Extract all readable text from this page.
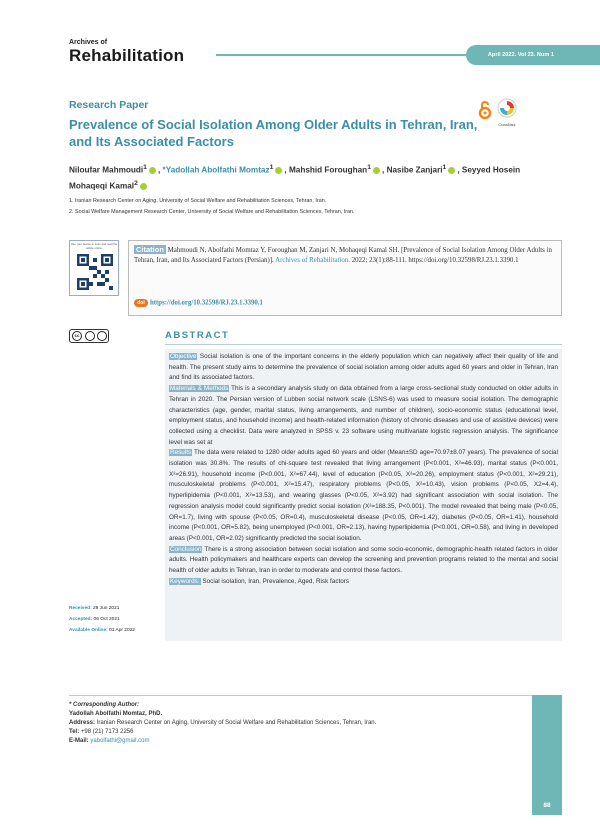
Archives of
Rehabilitation	April 2022. Vol 23. Num 1
Research Paper
Prevalence of Social Isolation Among Older Adults in Tehran, Iran, and Its Associated Factors
CrossMark
Niloufar Mahmoudi$^1$ , *Yadollah Abolfathi Momtaz$^1$ , Mahshid Foroughan$^1$ , Nasibe Zanjari$^1$ , Seyyed Hosein Mohaqeqi Kamal$^2$
1. Iranian Research Center on Aging, University of Social Welfare and Rehabilitation Sciences, Tehran, Iran.
2. Social Welfare Management Research Center, University of Social Welfare and Rehabilitation Sciences, Tehran, Iran.
Use your device to scan and read the article online	Citation Mahmoudi N, Abolfathi Momtaz Y, Foroughan M, Zanjari N, Mohaqeqi Kamal SH. [Prevalence of Social Isolation Among Older Adults in Tehran, Iran, and Its Associated Factors (Persian)]. Archives of Rehabilitation. 2022; 23(1):88-111. https://doi.org/10.32598/RJ.23.1.3390.1
doi https://doi.org/10.32598/RJ.23.1.3390.1
cc	ABSTRACT
Objective Social isolation is one of the important concerns in the elderly population which can negatively affect their quality of life and health. The present study aims to determine the prevalence of social isolation among older adults aged 60 years and older in Tehran, Iran and find its associated factors.
Materials & Methods This is a secondary analysis study on data obtained from a large cross-sectional study conducted on older adults in Tehran in 2020. The Persian version of Lubben social network scale (LSNS-6) was used to measure social isolation. The demographic characteristics (age, gender, marital status, living arrangements, and number of children), socio-economic status (educational level, employment status, and household income) and health-related information (history of chronic diseases and use of assistive devices) were collected using a checklist. Data were analyzed in SPSS v. 23 software using multivariate logistic regression analysis. The significance level was set at
Results The data were related to 1280 older adults aged 60 years and older (Mean±SD age=70.97±8.07 years). The prevalence of social isolation was 30.8%. The results of chi-square test revealed that living arrangement (P<0.001, X²=46.93), marital status (P<0.001, X²=26.91), household income (P<0.001, X²=67.44), level of education (P<0.05, X²=20.26), employment status (P<0.001, X²=29.21), musculoskeletal problems (P<0.001, X²=15.47), respiratory problems (P<0.05, X²=10.43), vision problems (P<0.05, X2=4.4), hyperlipidemia (P<0.001, X²=13.53), and wearing glasses (P<0.05, X²=3.92) had significant association with social isolation. The regression analysis model could significantly predict social isolation (X²=188.35, P<0.001). The model revealed that being male (P<0.05, OR=1.7), living with spouse (P<0.05, OR=0.4), musculoskeletal disease (P<0.05, OR=1.42), diabetes (P<0.05, OR=1.41), household income (P<0.001, OR=5.82), being unemployed (P<0.001, OR=2.13), having hyperlipidemia (P<0.001, OR=0.58), and living in developed areas (P<0.001, OR=2.02) significantly predicted the social isolation.
Conclusion There is a strong association between social isolation and some socio-economic, demographic-health related factors in older adults. Health policymakers and healthcare experts can develop the screening and prevention programs related to the mental and social health of older adults in Tehran, Iran in order to moderate and control these factors.
Keywords: Social isolation, Iran, Prevalence, Aged, Risk factors
Received: 29 Jun 2021
Accepted: 06 Oct 2021
Available Online: 01 Apr 2022
* Corresponding Author:
Yadollah Abolfathi Momtaz, PhD.
Address: Iranian Research Center on Aging, University of Social Welfare and Rehabilitation Sciences, Tehran, Iran.
Tel: +98 (21) 7173 2256
E-Mail: yabolfathi@gmail.com
88
